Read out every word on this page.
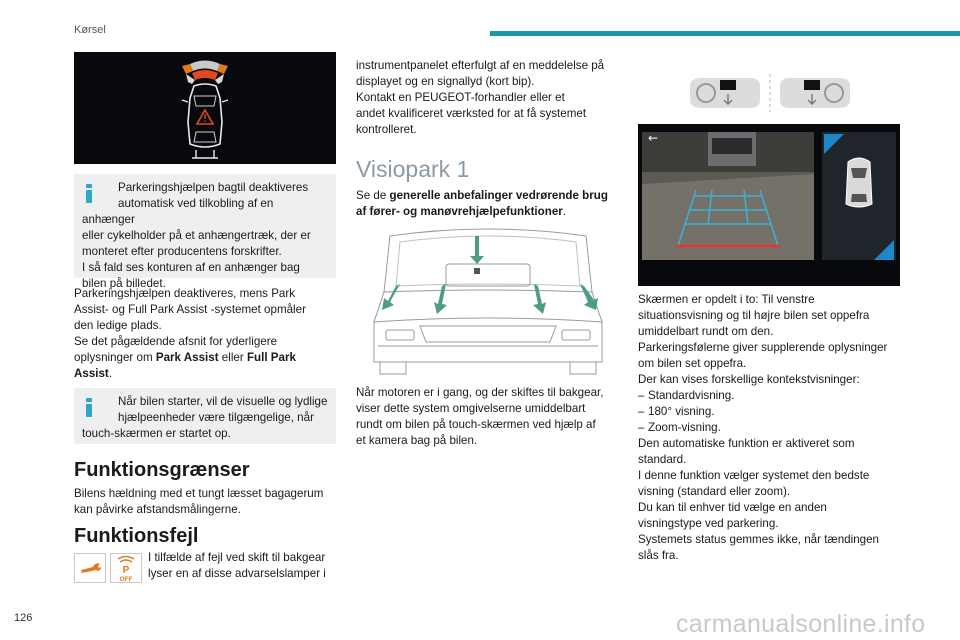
Kørsel

Parkeringshjælpen bagtil deaktiveres

automatisk ved tilkobling af en anhænger

eller cykelholder på et anhængertræk, der er

monteret efter producentens forskrifter.

I så fald ses konturen af en anhænger bag

bilen på billedet.

Parkeringshjælpen deaktiveres, mens Park

Assist- og Full Park Assist -systemet opmåler

den ledige plads.

Se det pågældende afsnit for yderligere

oplysninger om Park Assist eller Full Park

Assist.

Når bilen starter, vil de visuelle og lydlige

hjælpeenheder være tilgængelige, når

touch-skærmen er startet op.

Funktionsgrænser

Bilens hældning med et tungt læsset bagagerum

kan påvirke afstandsmålingerne.

Funktionsfejl
P
OFF

I tilfælde af fejl ved skift til bakgear

lyser en af disse advarselslamper i

instrumentpanelet efterfulgt af en meddelelse på

displayet og en signallyd (kort bip).

Kontakt en PEUGEOT-forhandler eller et

andet kvalificeret værksted for at få systemet

kontrolleret.

Visiopark 1

Se de generelle anbefalinger vedrørende brug

af fører- og manøvrehjælpefunktioner.

Når motoren er i gang, og der skiftes til bakgear,

viser dette system omgivelserne umiddelbart

rundt om bilen på touch-skærmen ved hjælp af

et kamera bag på bilen.

←

Skærmen er opdelt i to: Til venstre

situationsvisning og til højre bilen set oppefra

umiddelbart rundt om den.

Parkeringsfølerne giver supplerende oplysninger

om bilen set oppefra.

Der kan vises forskellige kontekstvisninger:

– Standardvisning.

– 180° visning.

– Zoom-visning.

Den automatiske funktion er aktiveret som

standard.

I denne funktion vælger systemet den bedste

visning (standard eller zoom).

Du kan til enhver tid vælge en anden

visningstype ved parkering.

Systemets status gemmes ikke, når tændingen

slås fra.

126	carmanualsonline.info
